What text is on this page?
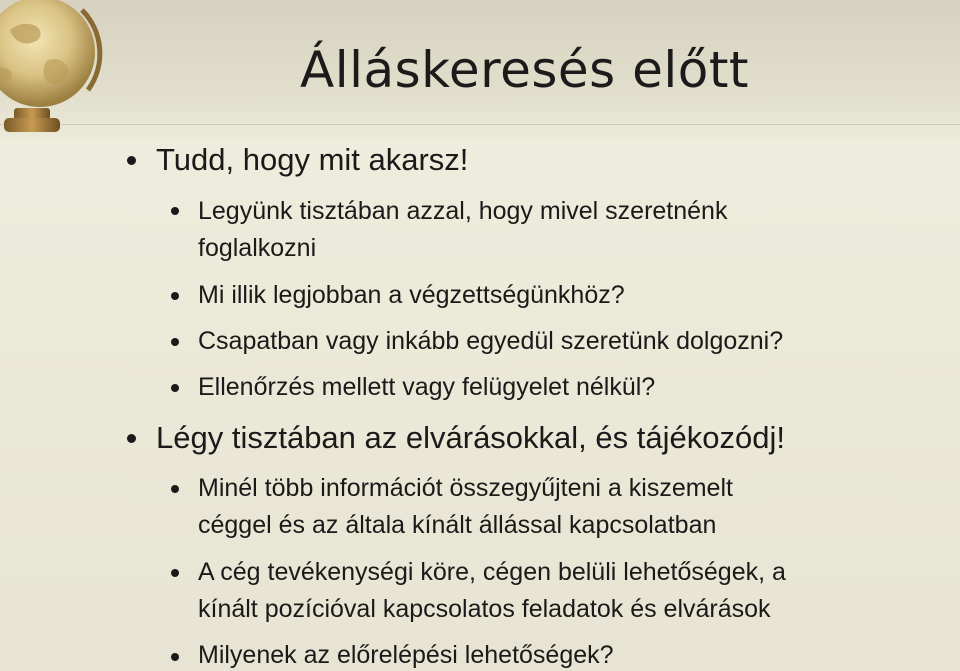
Álláskeresés előtt
Tudd, hogy mit akarsz!
Legyünk tisztában azzal, hogy mivel szeretnénk
foglalkozni
Mi illik legjobban a végzettségünkhöz?
Csapatban vagy inkább egyedül szeretünk dolgozni?
Ellenőrzés mellett vagy felügyelet nélkül?
Légy tisztában az elvárásokkal, és tájékozódj!
Minél több információt összegyűjteni a kiszemelt
céggel és az általa kínált állással kapcsolatban
A cég tevékenységi köre, cégen belüli lehetőségek, a
kínált pozícióval kapcsolatos feladatok és elvárások
Milyenek az előrelépési lehetőségek?
